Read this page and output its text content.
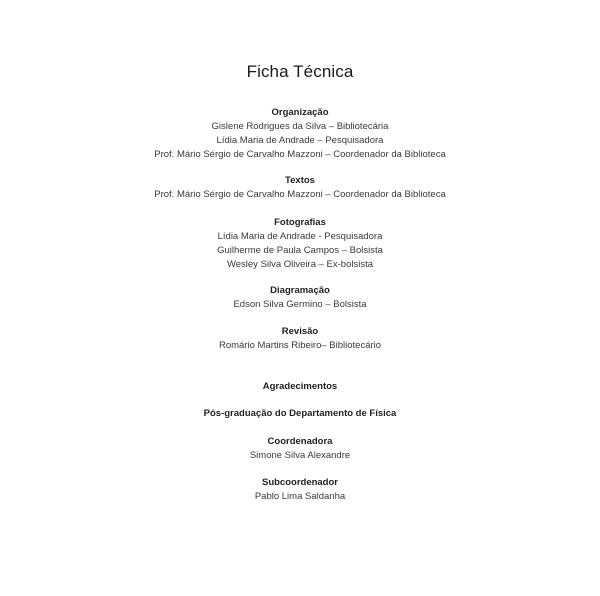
Ficha Técnica
Organização
Gislene Rodrigues da Silva – Bibliotecária
Lídia Maria de Andrade – Pesquisadora
Prof. Mário Sérgio de Carvalho Mazzoni – Coordenador da Biblioteca
Textos
Prof. Mário Sérgio de Carvalho Mazzoni – Coordenador da Biblioteca
Fotografias
Lídia Maria de Andrade - Pesquisadora
Guilherme de Paula Campos – Bolsista
Wesley Silva Oliveira – Ex-bolsista
Diagramação
Edson Silva Germino – Bolsista
Revisão
Romário Martins Ribeiro– Bibliotecário
Agradecimentos
Pós-graduação do Departamento de Física
Coordenadora
Simone Silva Alexandre
Subcoordenador
Pablo Lima Saldanha
